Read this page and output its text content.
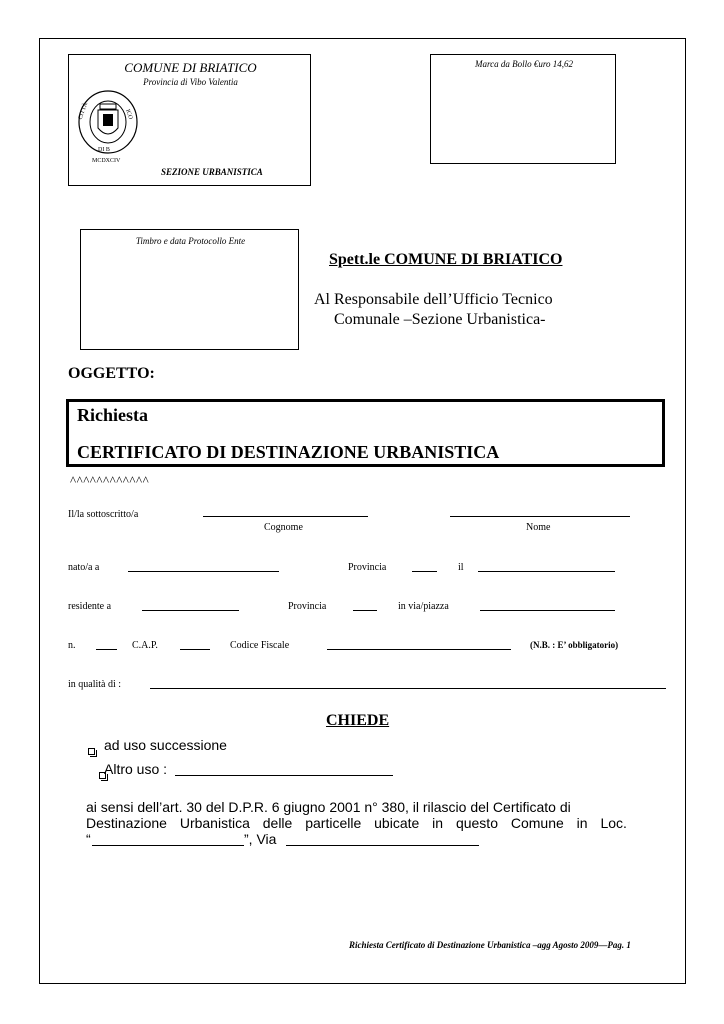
COMUNE DI BRIATICO
Provincia di Vibo Valentia
SEZIONE URBANISTICA
CITTÀ	ICO
DI B
MCDXCIV
Marca da Bollo €uro 14,62
Timbro e data Protocollo Ente
Spett.le COMUNE DI BRIATICO
Al Responsabile dell’Ufficio Tecnico
Comunale –Sezione Urbanistica-
OGGETTO:
Richiesta
CERTIFICATO DI DESTINAZIONE URBANISTICA
^^^^^^^^^^^^
Il/la sottoscritto/a
Cognome	Nome
nato/a a	Provincia	il
residente a	Provincia	in via/piazza
n.	C.A.P.	Codice Fiscale	(N.B. : E’ obbligatorio)
in qualità di :
CHIEDE

ad uso successione
Altro uso :
ai sensi dell’art. 30 del D.P.R. 6 giugno 2001 n° 380, il rilascio del Certificato di
Destinazione Urbanistica delle particelle ubicate in questo Comune in Loc.
“	”, Via
Richiesta Certificato di Destinazione Urbanistica –agg Agosto 2009—Pag. 1
